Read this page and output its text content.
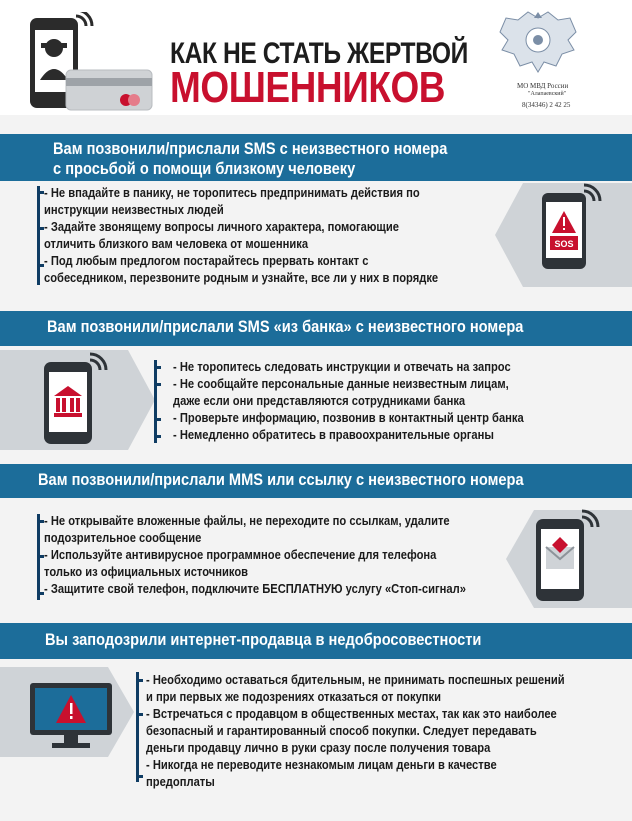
КАК НЕ СТАТЬ ЖЕРТВОЙ
МОШЕННИКОВ	МО МВД России
"Алапаевский"
8(34346) 2 42 25
Вам позвонили/прислали SMS с неизвестного номера
с просьбой о помощи близкому человеку
- Не впадайте в панику, не торопитесь предпринимать действия по
инструкции неизвестных людей
- Задайте звонящему вопросы личного характера, помогающие
отличить близкого вам человека от мошенника
- Под любым предлогом постарайтесь прервать контакт с
собеседником, перезвоните родным и узнайте, все ли у них в порядке
SOS
Вам позвонили/прислали SMS «из банка» с неизвестного номера
- Не торопитесь следовать инструкции и отвечать на запрос
- Не сообщайте персональные данные неизвестным лицам,
даже если они представляются сотрудниками банка
- Проверьте информацию, позвонив в контактный центр банка
- Немедленно обратитесь в правоохранительные органы
Вам позвонили/прислали MMS или ссылку с неизвестного номера
- Не открывайте вложенные файлы, не переходите по ссылкам, удалите
подозрительное сообщение
- Используйте антивирусное программное обеспечение для телефона
только из официальных источников
- Защитите свой телефон, подключите БЕСПЛАТНУЮ услугу «Стоп-сигнал»
Вы заподозрили интернет-продавца в недобросовестности
- Необходимо оставаться бдительным, не принимать поспешных решений
и при первых же подозрениях отказаться от покупки
- Встречаться с продавцом в общественных местах, так как это наиболее
безопасный и гарантированный способ покупки. Следует передавать
деньги продавцу лично в руки сразу после получения товара
- Никогда не переводите незнакомым лицам деньги в качестве
предоплаты
